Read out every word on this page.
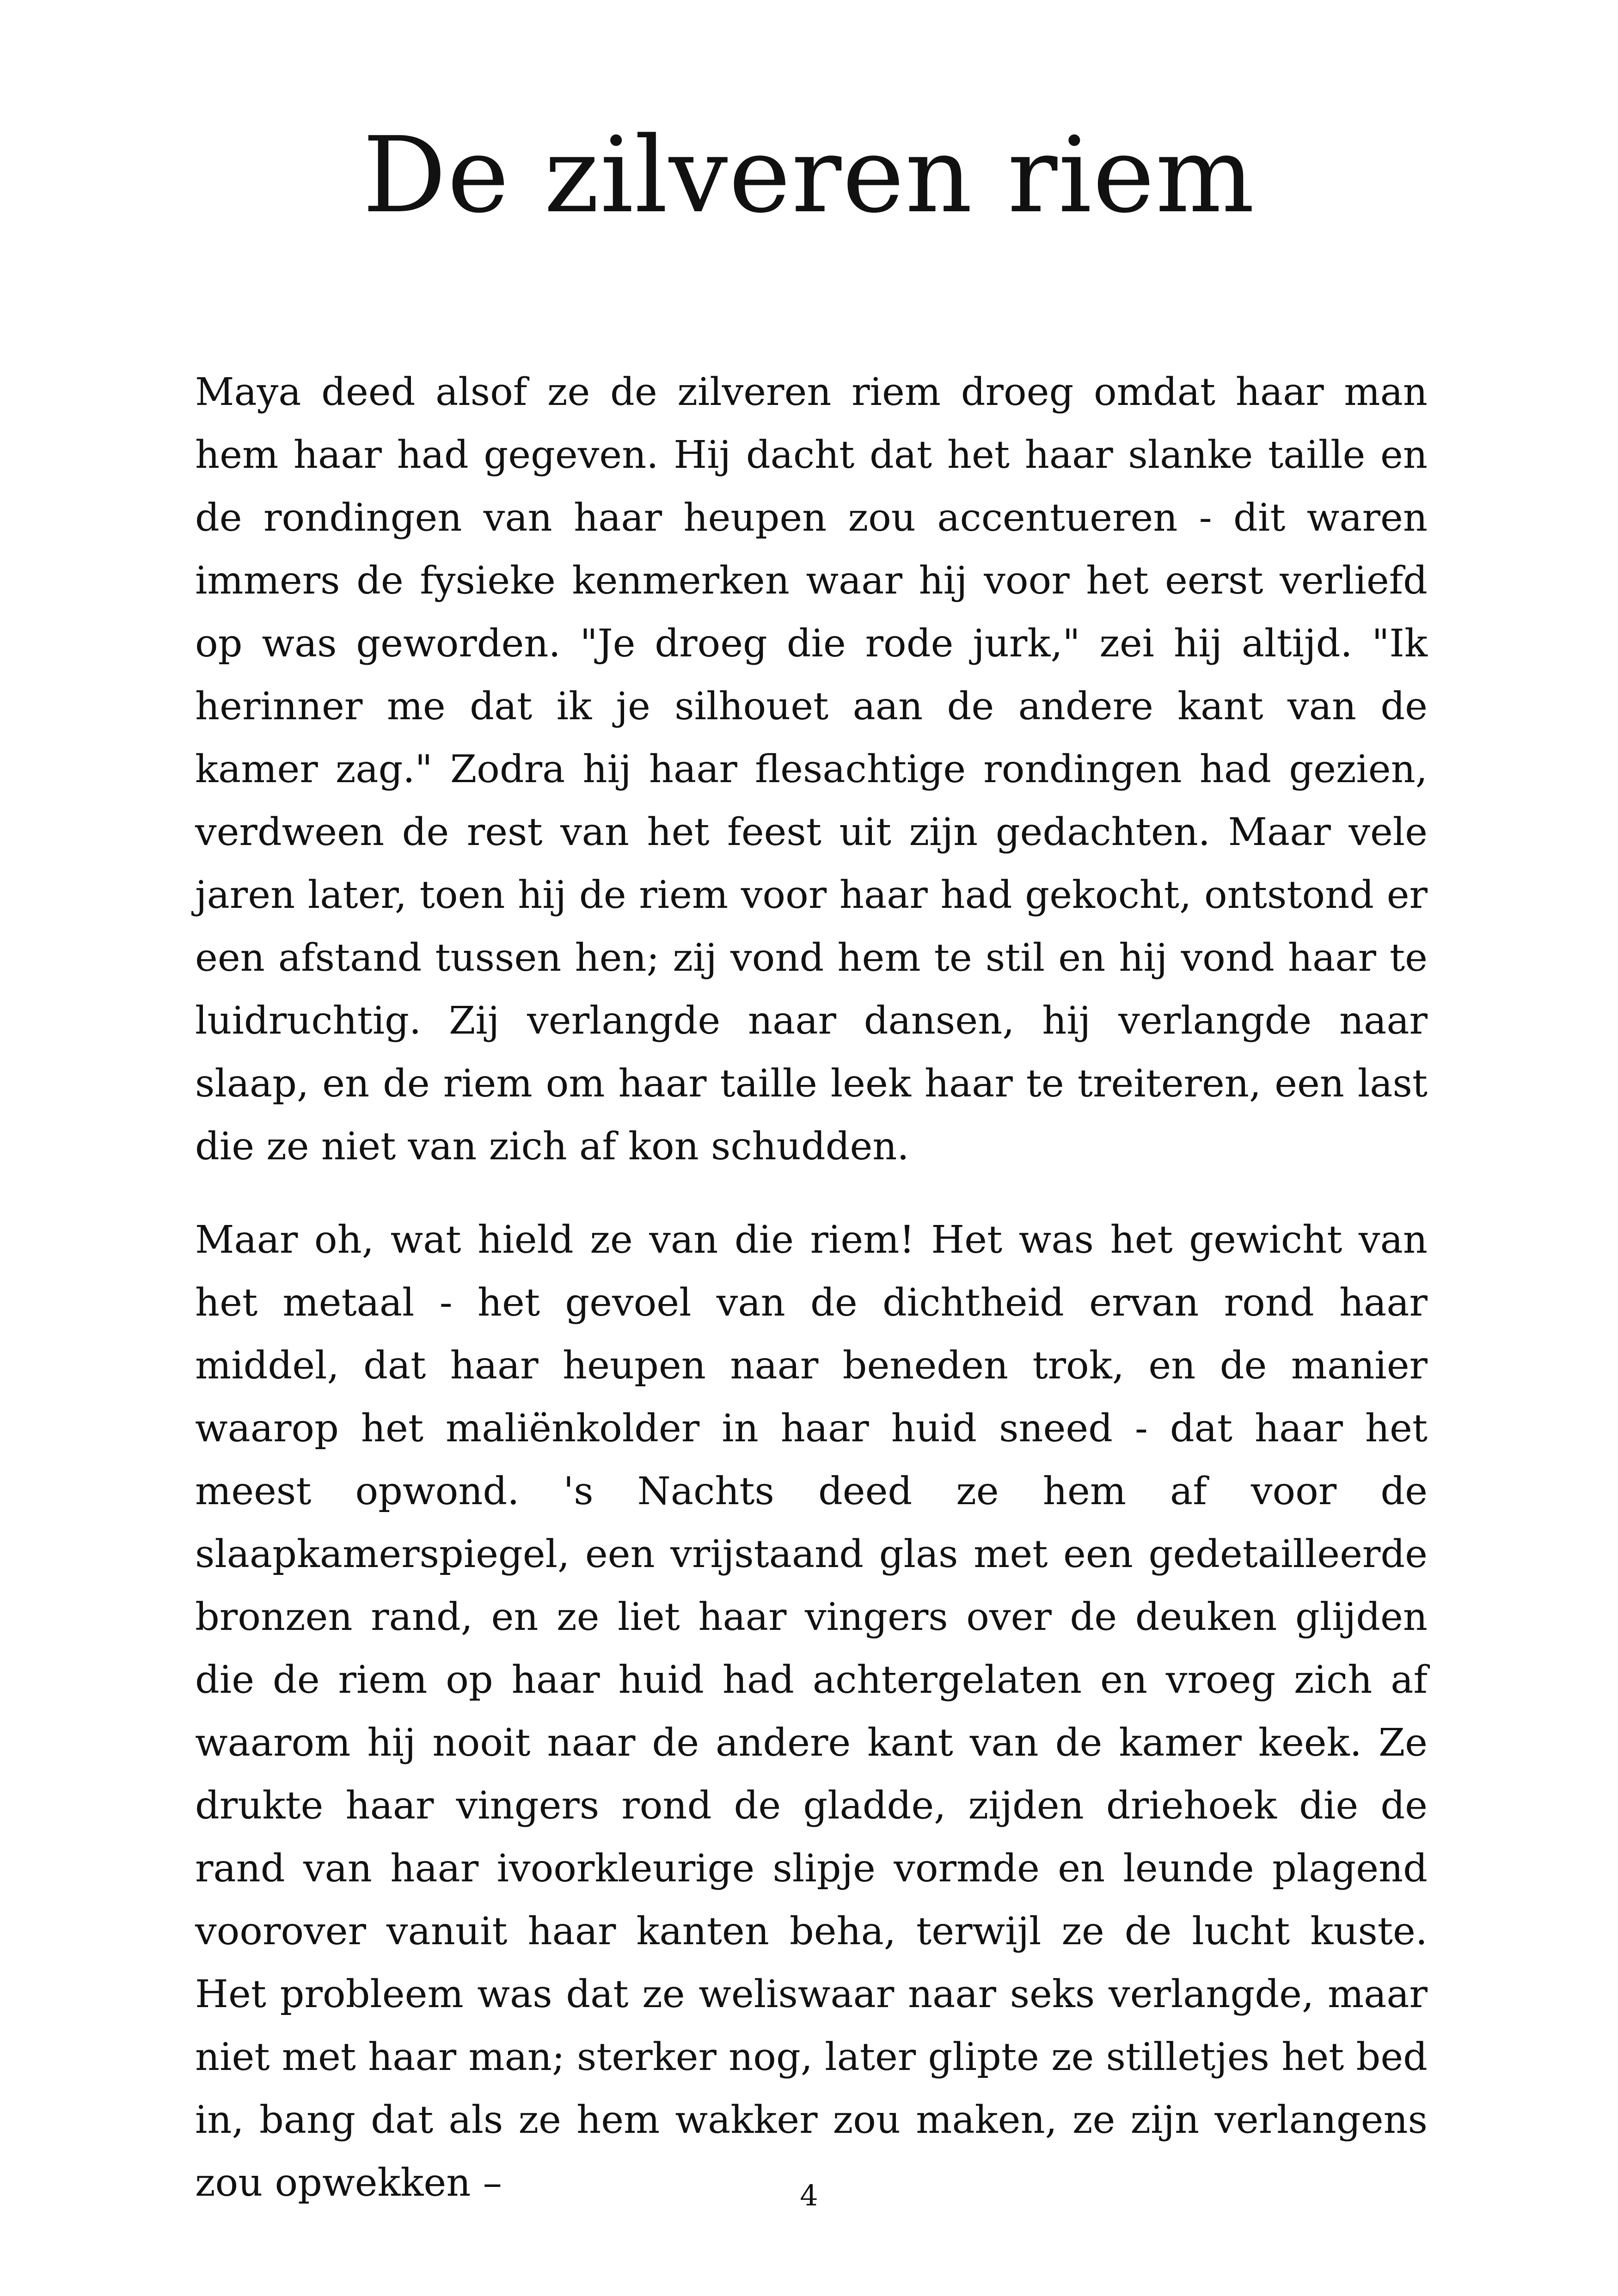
De zilveren riem

Maya deed alsof ze de zilveren riem droeg omdat haar man hem haar had gegeven. Hij dacht dat het haar slanke taille en de rondingen van haar heupen zou accentueren - dit waren immers de fysieke kenmerken waar hij voor het eerst verliefd op was geworden. "Je droeg die rode jurk," zei hij altijd. "Ik herinner me dat ik je silhouet aan de andere kant van de kamer zag." Zodra hij haar flesachtige rondingen had gezien, verdween de rest van het feest uit zijn gedachten. Maar vele jaren later, toen hij de riem voor haar had gekocht, ontstond er een afstand tussen hen; zij vond hem te stil en hij vond haar te luidruchtig. Zij verlangde naar dansen, hij verlangde naar slaap, en de riem om haar taille leek haar te treiteren, een last die ze niet van zich af kon schudden.

Maar oh, wat hield ze van die riem! Het was het gewicht van het metaal - het gevoel van de dichtheid ervan rond haar middel, dat haar heupen naar beneden trok, en de manier waarop het maliënkolder in haar huid sneed - dat haar het meest opwond. 's Nachts deed ze hem af voor de slaapkamerspiegel, een vrijstaand glas met een gedetailleerde bronzen rand, en ze liet haar vingers over de deuken glijden die de riem op haar huid had achtergelaten en vroeg zich af waarom hij nooit naar de andere kant van de kamer keek. Ze drukte haar vingers rond de gladde, zijden driehoek die de rand van haar ivoorkleurige slipje vormde en leunde plagend voorover vanuit haar kanten beha, terwijl ze de lucht kuste. Het probleem was dat ze weliswaar naar seks verlangde, maar niet met haar man; sterker nog, later glipte ze stilletjes het bed in, bang dat als ze hem wakker zou maken, ze zijn verlangens zou opwekken –	4
